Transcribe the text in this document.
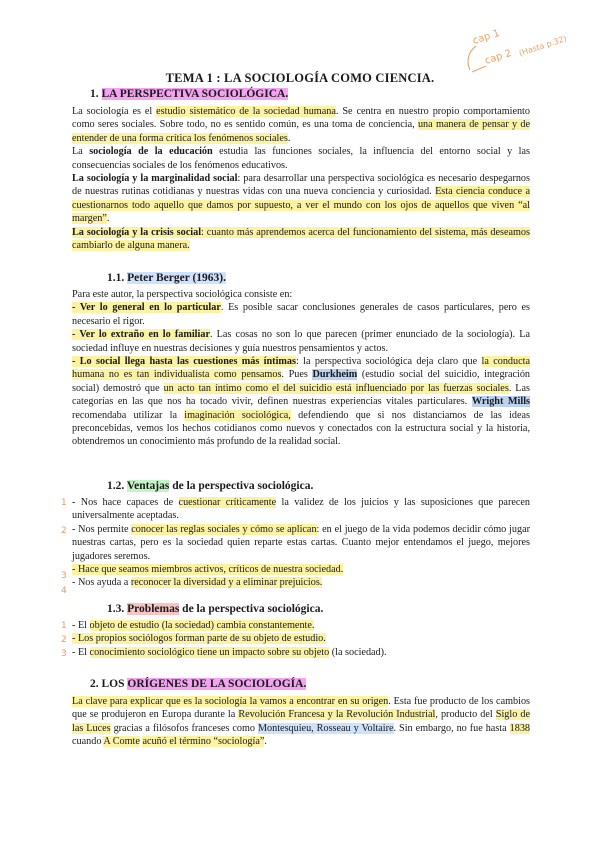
cap 1
cap 2 (Hasta p.32)
TEMA 1 : LA SOCIOLOGÍA COMO CIENCIA.
1. LA PERSPECTIVA SOCIOLÓGICA.

La sociología es el estudio sistemático de la sociedad humana. Se centra en nuestro propio comportamiento como seres sociales. Sobre todo, no es sentido común, es una toma de conciencia, una manera de pensar y de entender de una forma crítica los fenómenos sociales.

La sociología de la educación estudia las funciones sociales, la influencia del entorno social y las consecuencias sociales de los fenómenos educativos.

La sociología y la marginalidad social: para desarrollar una perspectiva sociológica es necesario despegarnos de nuestras rutinas cotidianas y nuestras vidas con una nueva conciencia y curiosidad. Esta ciencia conduce a cuestionarnos todo aquello que damos por supuesto, a ver el mundo con los ojos de aquellos que viven “al margen”.

La sociología y la crisis social: cuanto más aprendemos acerca del funcionamiento del sistema, más deseamos cambiarlo de alguna manera.

1.1. Peter Berger (1963).

Para este autor, la perspectiva sociológica consiste en:

- Ver lo general en lo particular. Es posible sacar conclusiones generales de casos particulares, pero es necesario el rigor.

- Ver lo extraño en lo familiar. Las cosas no son lo que parecen (primer enunciado de la sociología). La sociedad influye en nuestras decisiones y guía nuestros pensamientos y actos.

- Lo social llega hasta las cuestiones más íntimas: la perspectiva sociológica deja claro que la conducta humana no es tan individualista como pensamos. Pues Durkheim (estudio social del suicidio, integración social) demostró que un acto tan íntimo como el del suicidio está influenciado por las fuerzas sociales. Las categorías en las que nos ha tocado vivir, definen nuestras experiencias vitales particulares. Wright Mills recomendaba utilizar la imaginación sociológica, defendiendo que si nos distanciamos de las ideas preconcebidas, vemos los hechos cotidianos como nuevos y conectados con la estructura social y la historia, obtendremos un conocimiento más profundo de la realidad social.

1.2. Ventajas de la perspectiva sociológica.
1
2
3
4

- Nos hace capaces de cuestionar críticamente la validez de los juicios y las suposiciones que parecen universalmente aceptadas.

- Nos permite conocer las reglas sociales y cómo se aplican: en el juego de la vida podemos decidir cómo jugar nuestras cartas, pero es la sociedad quien reparte estas cartas. Cuanto mejor entendamos el juego, mejores jugadores seremos.

- Hace que seamos miembros activos, críticos de nuestra sociedad.

- Nos ayuda a reconocer la diversidad y a eliminar prejuicios.

1.3. Problemas de la perspectiva sociológica.
1
2
3

- El objeto de estudio (la sociedad) cambia constantemente.

- Los propios sociólogos forman parte de su objeto de estudio.

- El conocimiento sociológico tiene un impacto sobre su objeto (la sociedad).

2. LOS ORÍGENES DE LA SOCIOLOGÍA.

La clave para explicar que es la sociología la vamos a encontrar en su origen. Esta fue producto de los cambios que se produjeron en Europa durante la Revolución Francesa y la Revolución Industrial, producto del Siglo de las Luces gracias a filósofos franceses como Montesquieu, Rosseau y Voltaire. Sin embargo, no fue hasta 1838 cuando A Comte acuñó el término “sociología”.
